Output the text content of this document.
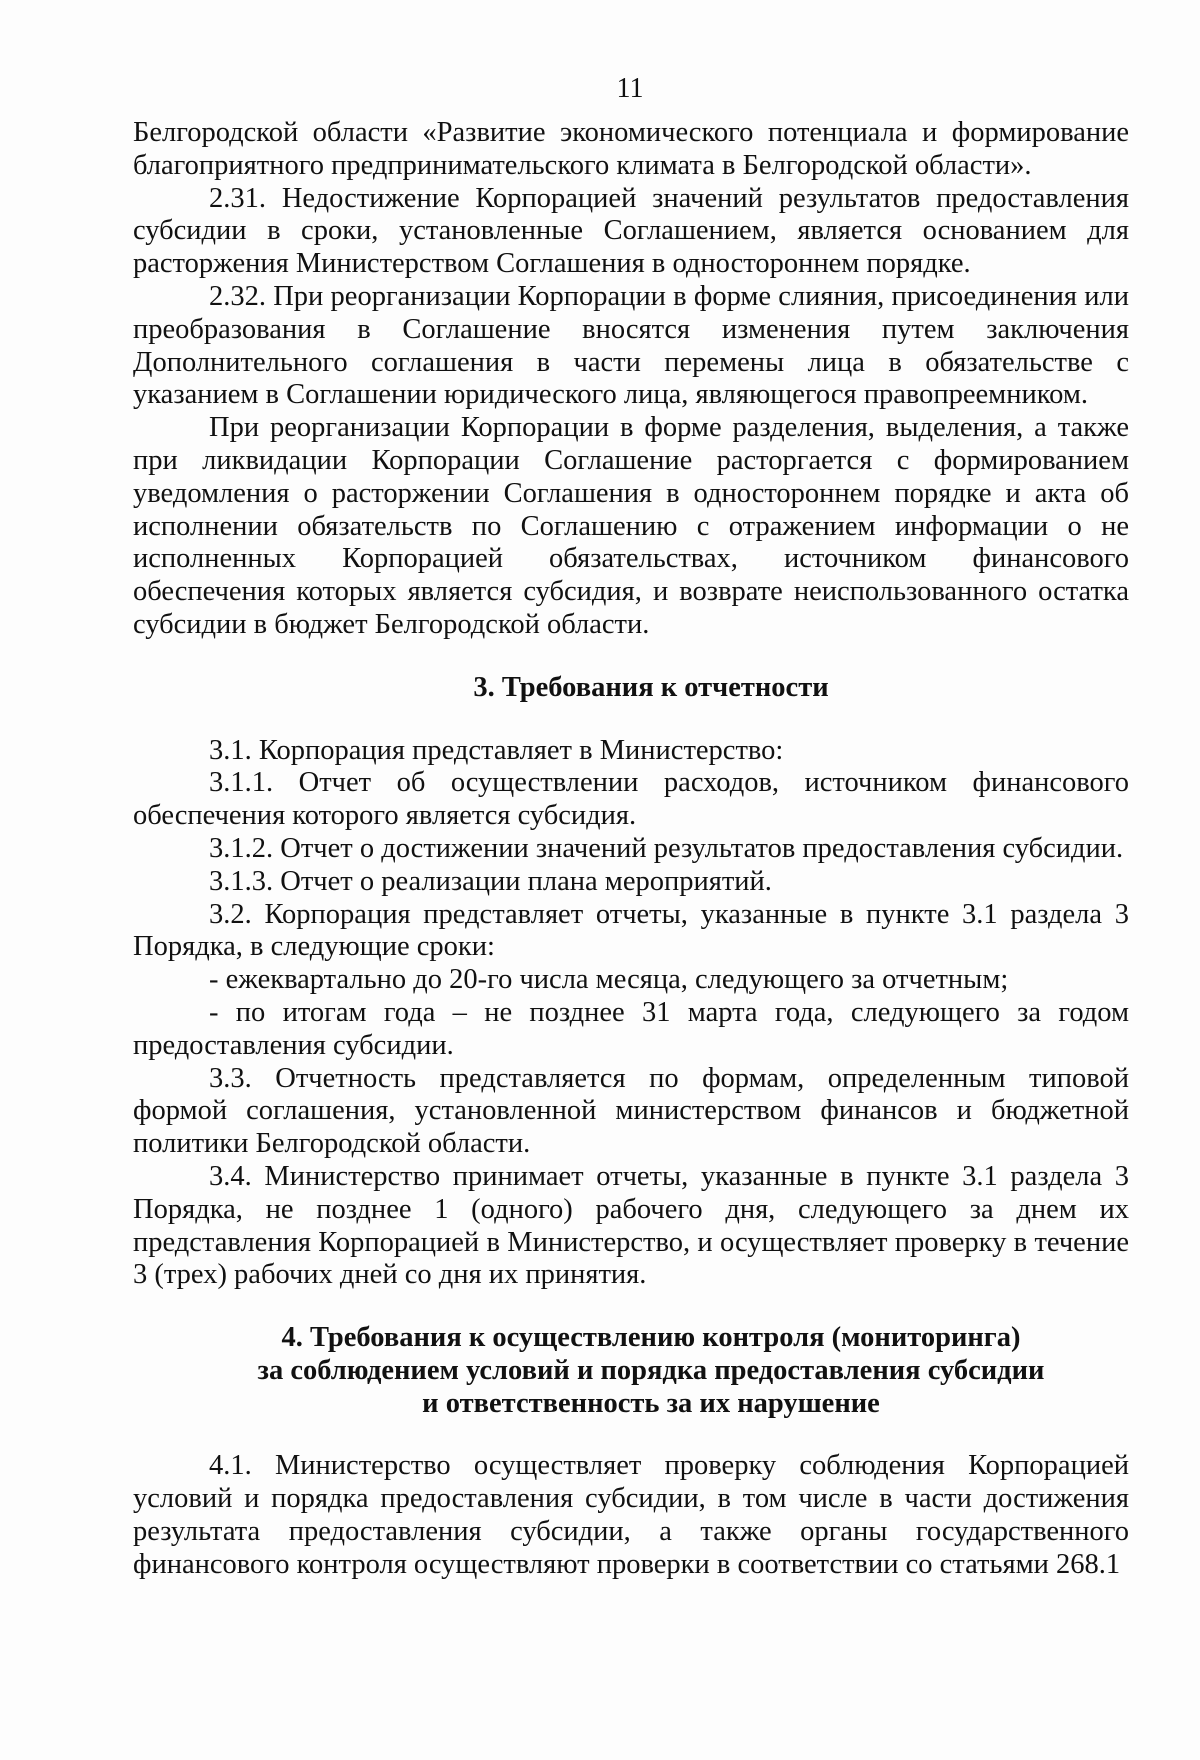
11

Белгородской области «Развитие экономического потенциала и формирование благоприятного предпринимательского климата в Белгородской области».

2.31. Недостижение Корпорацией значений результатов предоставления субсидии в сроки, установленные Соглашением, является основанием для расторжения Министерством Соглашения в одностороннем порядке.

2.32. При реорганизации Корпорации в форме слияния, присоединения или преобразования в Соглашение вносятся изменения путем заключения Дополнительного соглашения в части перемены лица в обязательстве с указанием в Соглашении юридического лица, являющегося правопреемником.

При реорганизации Корпорации в форме разделения, выделения, а также при ликвидации Корпорации Соглашение расторгается с формированием уведомления о расторжении Соглашения в одностороннем порядке и акта об исполнении обязательств по Соглашению с отражением информации о не исполненных Корпорацией обязательствах, источником финансового обеспечения которых является субсидия, и возврате неиспользованного остатка субсидии в бюджет Белгородской области.

3. Требования к отчетности

3.1. Корпорация представляет в Министерство:

3.1.1. Отчет об осуществлении расходов, источником финансового обеспечения которого является субсидия.

3.1.2. Отчет о достижении значений результатов предоставления субсидии.

3.1.3. Отчет о реализации плана мероприятий.

3.2. Корпорация представляет отчеты, указанные в пункте 3.1 раздела 3 Порядка, в следующие сроки:

- ежеквартально до 20-го числа месяца, следующего за отчетным;

- по итогам года – не позднее 31 марта года, следующего за годом предоставления субсидии.

3.3. Отчетность представляется по формам, определенным типовой формой соглашения, установленной министерством финансов и бюджетной политики Белгородской области.

3.4. Министерство принимает отчеты, указанные в пункте 3.1 раздела 3 Порядка, не позднее 1 (одного) рабочего дня, следующего за днем их представления Корпорацией в Министерство, и осуществляет проверку в течение 3 (трех) рабочих дней со дня их принятия.

4. Требования к осуществлению контроля (мониторинга)
за соблюдением условий и порядка предоставления субсидии
и ответственность за их нарушение

4.1. Министерство осуществляет проверку соблюдения Корпорацией условий и порядка предоставления субсидии, в том числе в части достижения результата предоставления субсидии, а также органы государственного финансового контроля осуществляют проверки в соответствии со статьями 268.1
